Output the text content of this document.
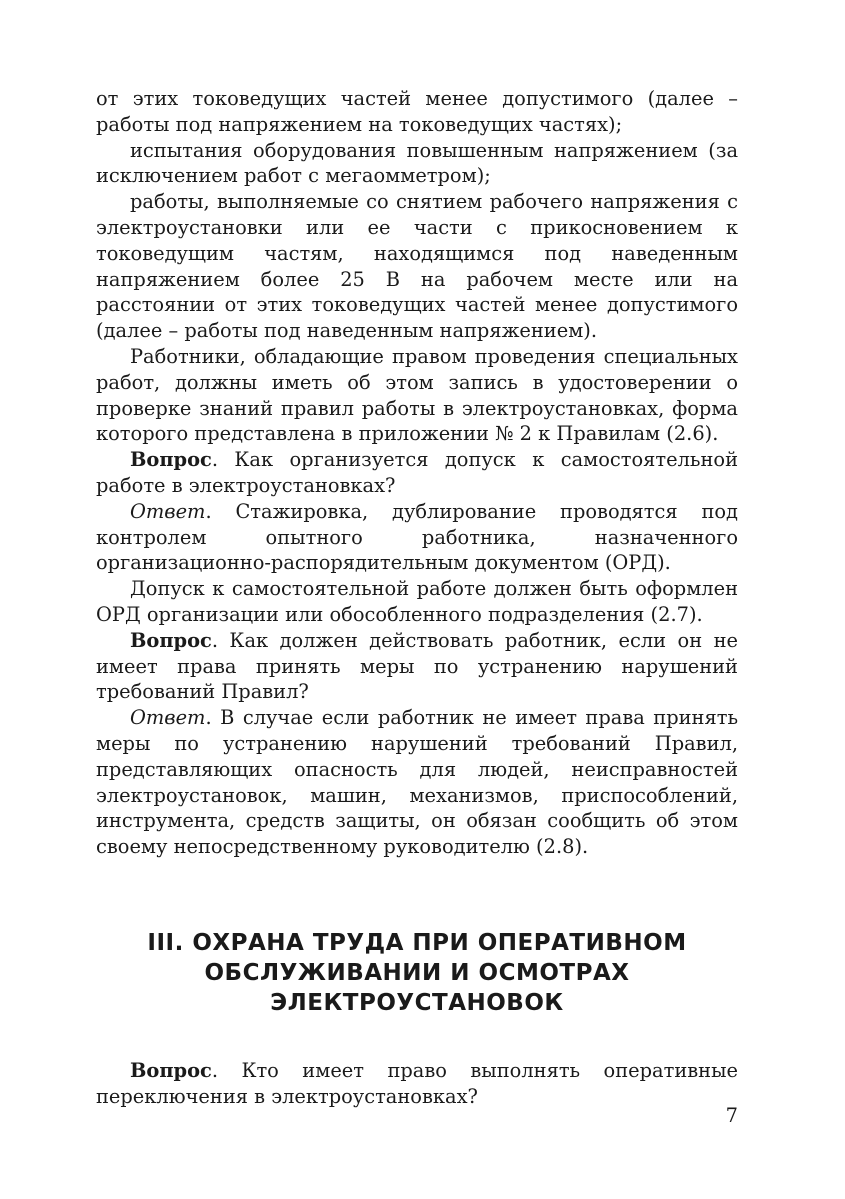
от этих токоведущих частей менее допустимого (далее – работы под напряжением на токоведущих частях);

испытания оборудования повышенным напряжением (за исключением работ с мегаомметром);

работы, выполняемые со снятием рабочего напряжения с электроустановки или ее части с прикосновением к токоведущим частям, находящимся под наведенным напряжением более 25 В на рабочем месте или на расстоянии от этих токоведущих частей менее допустимого (далее – работы под наведенным напряжением).

Работники, обладающие правом проведения специальных работ, должны иметь об этом запись в удостоверении о проверке знаний правил работы в электроустановках, форма которого представлена в приложении № 2 к Правилам (2.6).

Вопрос. Как организуется допуск к самостоятельной работе в электроустановках?

Ответ. Стажировка, дублирование проводятся под контролем опытного работника, назначенного организационно-распорядительным документом (ОРД).

Допуск к самостоятельной работе должен быть оформлен ОРД организации или обособленного подразделения (2.7).

Вопрос. Как должен действовать работник, если он не имеет права принять меры по устранению нарушений требований Правил?

Ответ. В случае если работник не имеет права принять меры по устранению нарушений требований Правил, представляющих опасность для людей, неисправностей электроустановок, машин, механизмов, приспособлений, инструмента, средств защиты, он обязан сообщить об этом своему непосредственному руководителю (2.8).

III. ОХРАНА ТРУДА ПРИ ОПЕРАТИВНОМ
ОБСЛУЖИВАНИИ И ОСМОТРАХ
ЭЛЕКТРОУСТАНОВОК

Вопрос. Кто имеет право выполнять оперативные переключения в электроустановках?

7
